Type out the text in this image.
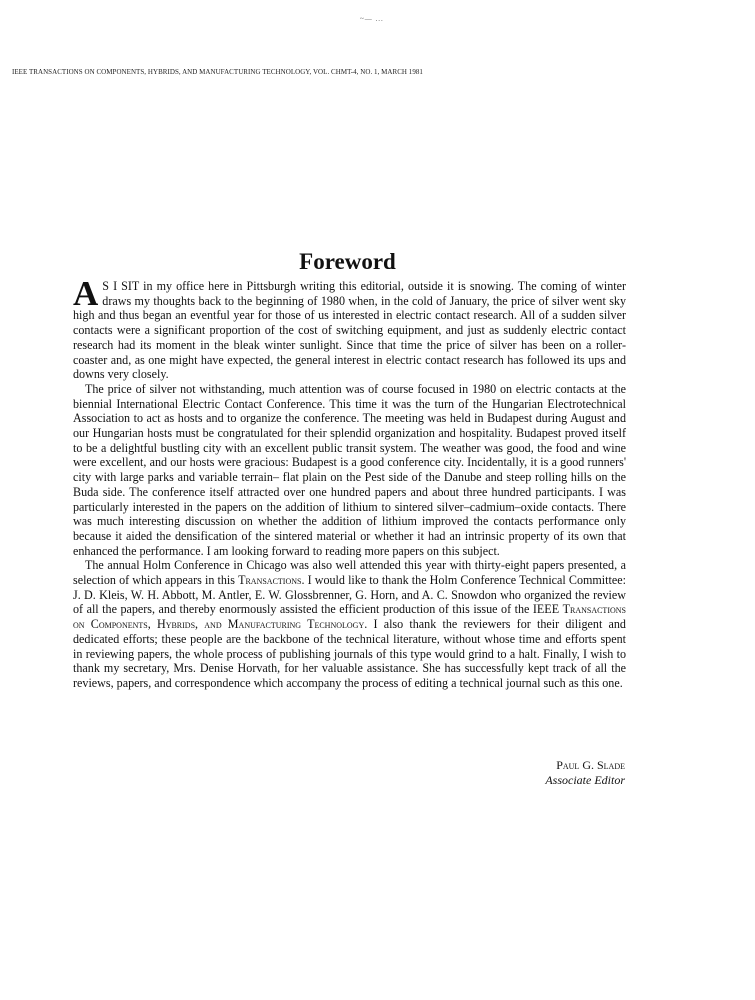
~— ...
IEEE TRANSACTIONS ON COMPONENTS, HYBRIDS, AND MANUFACTURING TECHNOLOGY, VOL. CHMT-4, NO. 1, MARCH 1981
Foreword

A S I SIT in my office here in Pittsburgh writing this editorial, outside it is snowing. The coming of winter draws my thoughts back to the beginning of 1980 when, in the cold of January, the price of silver went sky high and thus began an eventful year for those of us interested in electric contact research. All of a sudden silver contacts were a significant proportion of the cost of switching equipment, and just as suddenly electric contact research had its moment in the bleak winter sunlight. Since that time the price of silver has been on a roller-coaster and, as one might have expected, the general interest in electric contact research has followed its ups and downs very closely.

The price of silver not withstanding, much attention was of course focused in 1980 on electric contacts at the biennial International Electric Contact Conference. This time it was the turn of the Hungarian Electrotechnical Association to act as hosts and to organize the conference. The meeting was held in Budapest during August and our Hungarian hosts must be congratulated for their splendid organization and hospitality. Budapest proved itself to be a delightful bustling city with an excellent public transit system. The weather was good, the food and wine were excellent, and our hosts were gracious: Budapest is a good conference city. Incidentally, it is a good runners' city with large parks and variable terrain– flat plain on the Pest side of the Danube and steep rolling hills on the Buda side. The conference itself attracted over one hundred papers and about three hundred participants. I was particularly interested in the papers on the addition of lithium to sintered silver–cadmium–oxide contacts. There was much interesting discussion on whether the addition of lithium improved the contacts performance only because it aided the densification of the sintered material or whether it had an intrinsic property of its own that enhanced the performance. I am looking forward to reading more papers on this subject.

The annual Holm Conference in Chicago was also well attended this year with thirty-eight papers presented, a selection of which appears in this Transactions. I would like to thank the Holm Conference Technical Committee: J. D. Kleis, W. H. Abbott, M. Antler, E. W. Glossbrenner, G. Horn, and A. C. Snowdon who organized the review of all the papers, and thereby enormously assisted the efficient production of this issue of the IEEE Transactions on Components, Hybrids, and Manufacturing Technology. I also thank the reviewers for their diligent and dedicated efforts; these people are the backbone of the technical literature, without whose time and efforts spent in reviewing papers, the whole process of publishing journals of this type would grind to a halt. Finally, I wish to thank my secretary, Mrs. Denise Horvath, for her valuable assistance. She has successfully kept track of all the reviews, papers, and correspondence which accompany the process of editing a technical journal such as this one.

Paul G. Slade
Associate Editor
